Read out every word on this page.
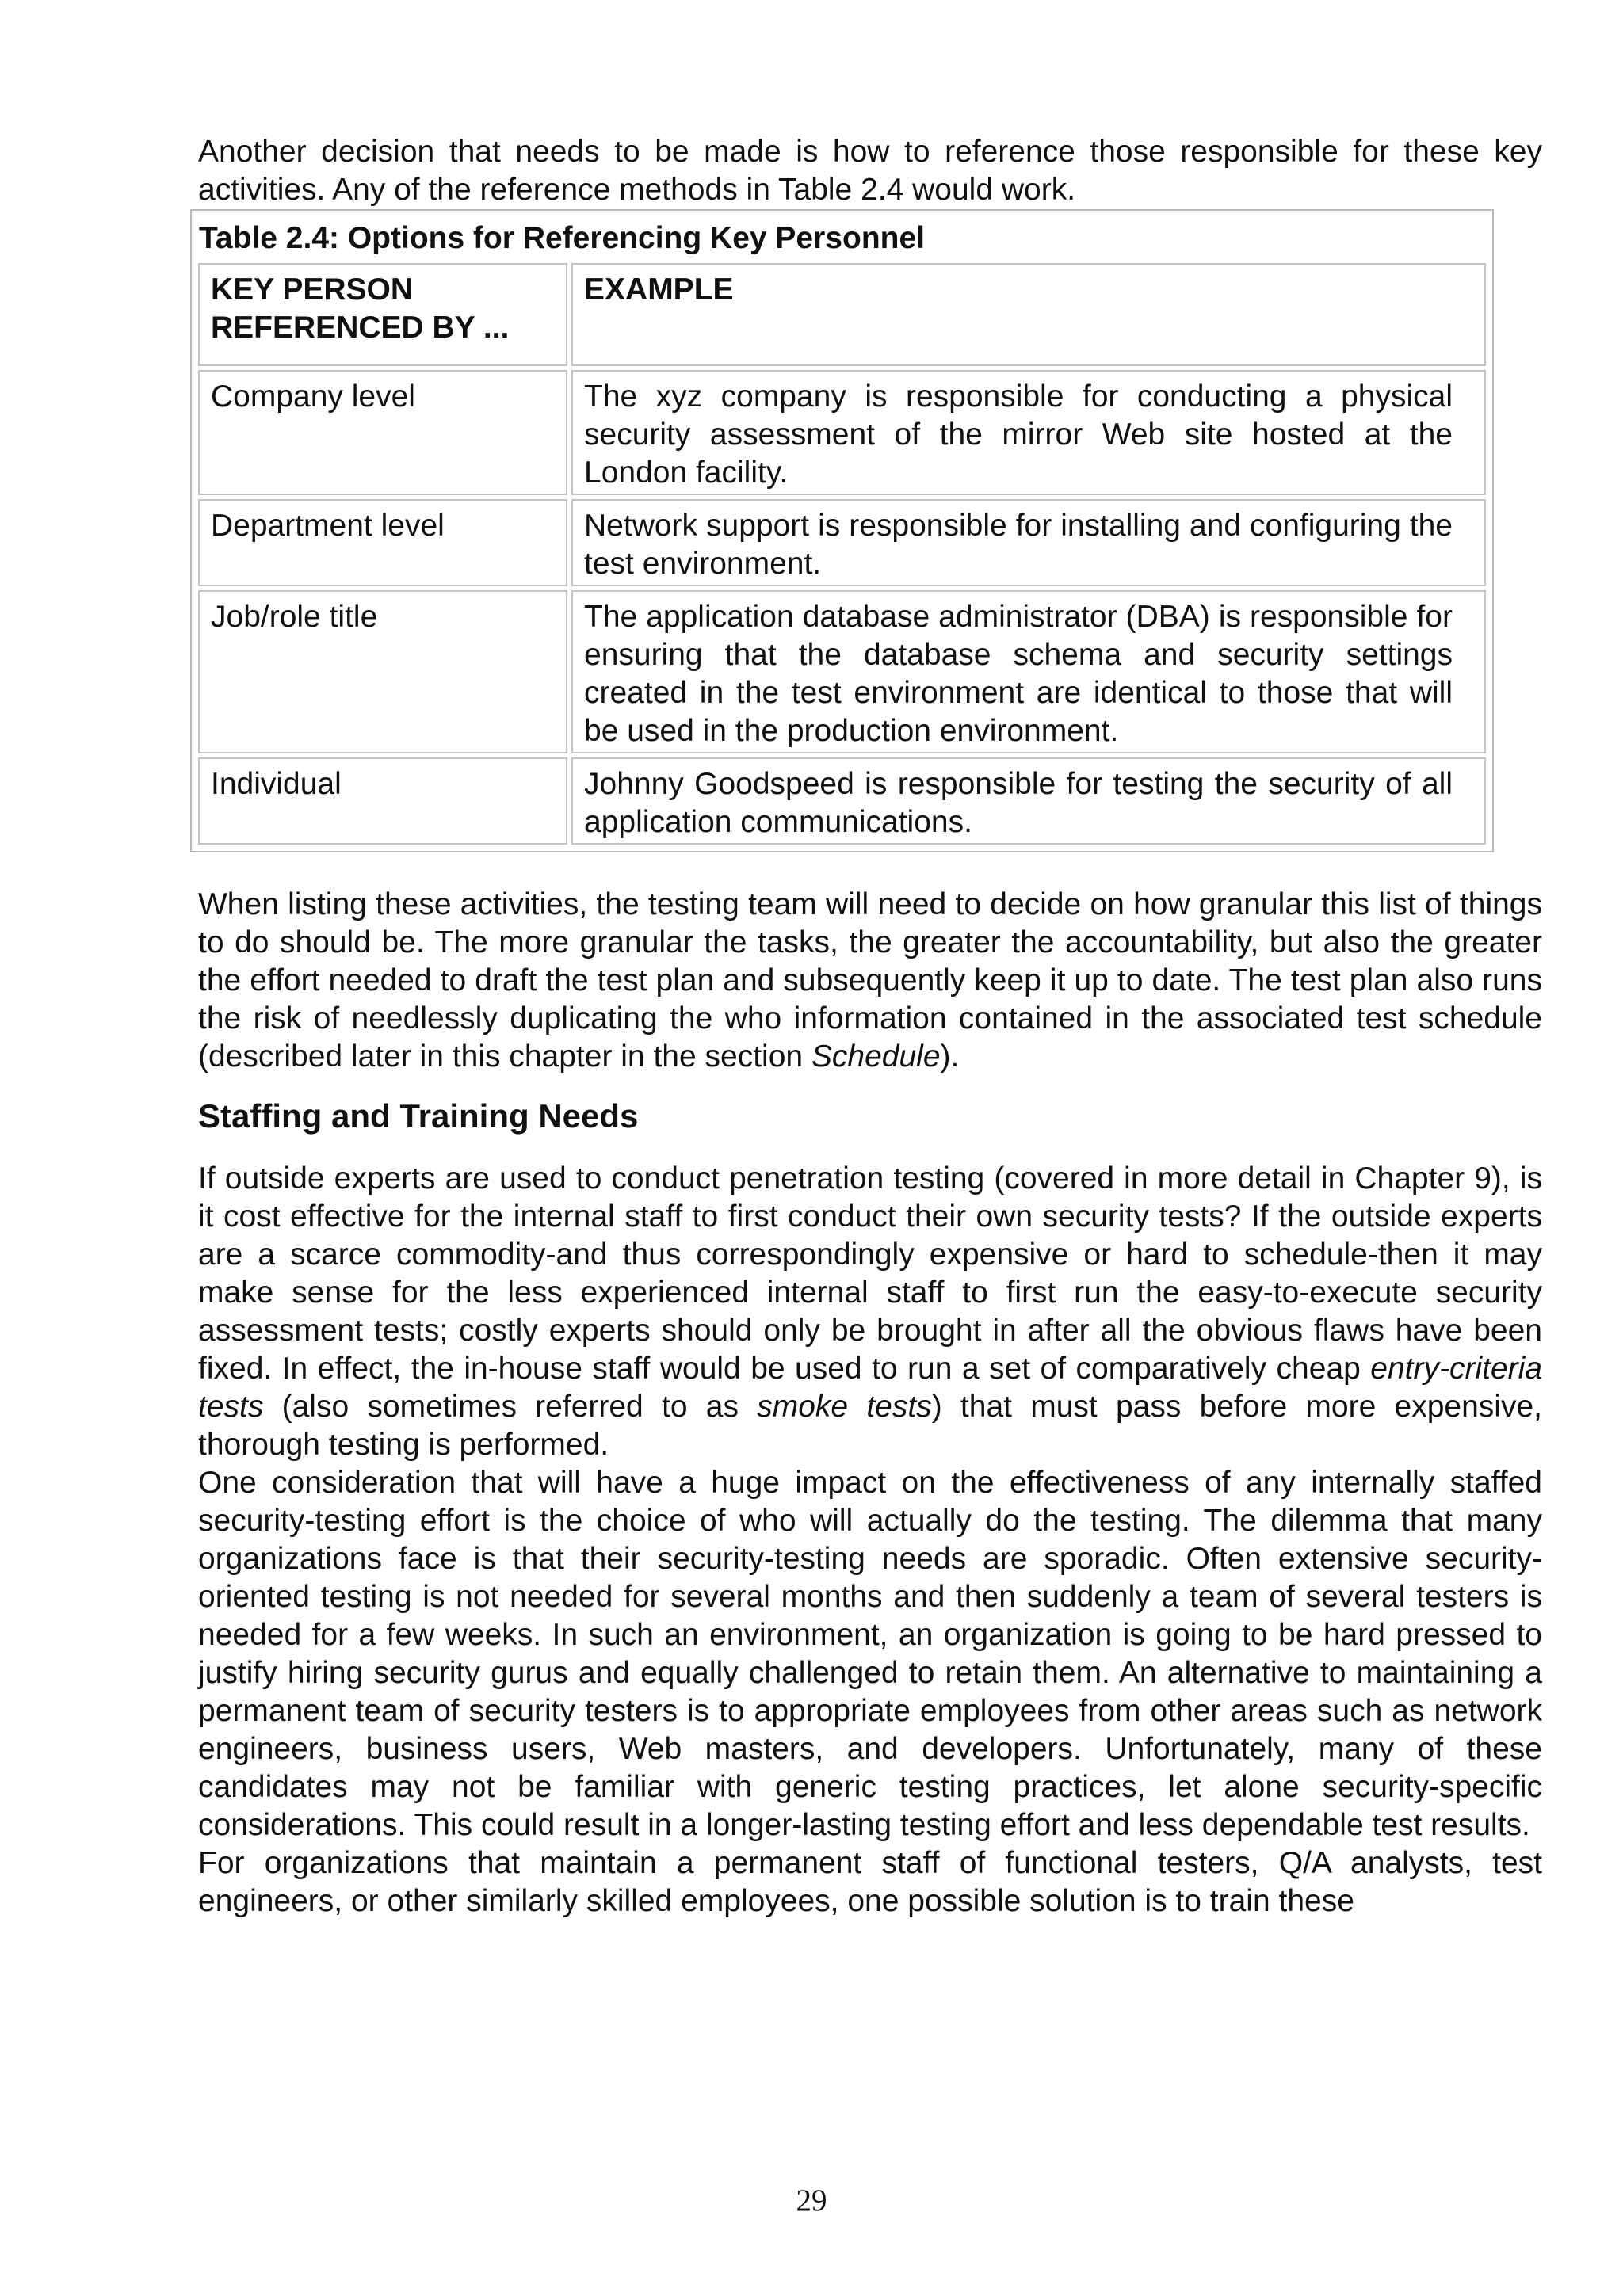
Another decision that needs to be made is how to reference those responsible for these key activities. Any of the reference methods in Table 2.4 would work.

Table 2.4: Options for Referencing Key Personnel
KEY PERSON REFERENCED BY ...	EXAMPLE
Company level	The xyz company is responsible for conducting a physical security assessment of the mirror Web site hosted at the London facility.
Department level	Network support is responsible for installing and configuring the test environment.
Job/role title	The application database administrator (DBA) is responsible for ensuring that the database schema and security settings created in the test environment are identical to those that will be used in the production environment.
Individual	Johnny Goodspeed is responsible for testing the security of all application communications.

When listing these activities, the testing team will need to decide on how granular this list of things to do should be. The more granular the tasks, the greater the accountability, but also the greater the effort needed to draft the test plan and subsequently keep it up to date. The test plan also runs the risk of needlessly duplicating the who information contained in the associated test schedule (described later in this chapter in the section Schedule).

Staffing and Training Needs

If outside experts are used to conduct penetration testing (covered in more detail in Chapter 9), is it cost effective for the internal staff to first conduct their own security tests? If the outside experts are a scarce commodity-and thus correspondingly expensive or hard to schedule-then it may make sense for the less experienced internal staff to first run the easy-to-execute security assessment tests; costly experts should only be brought in after all the obvious flaws have been fixed. In effect, the in-house staff would be used to run a set of comparatively cheap entry-criteria tests (also sometimes referred to as smoke tests) that must pass before more expensive, thorough testing is performed.

One consideration that will have a huge impact on the effectiveness of any internally staffed security-testing effort is the choice of who will actually do the testing. The dilemma that many organizations face is that their security-testing needs are sporadic. Often extensive security-oriented testing is not needed for several months and then suddenly a team of several testers is needed for a few weeks. In such an environment, an organization is going to be hard pressed to justify hiring security gurus and equally challenged to retain them. An alternative to maintaining a permanent team of security testers is to appropriate employees from other areas such as network engineers, business users, Web masters, and developers. Unfortunately, many of these candidates may not be familiar with generic testing practices, let alone security-specific considerations. This could result in a longer-lasting testing effort and less dependable test results.

For organizations that maintain a permanent staff of functional testers, Q/A analysts, test engineers, or other similarly skilled employees, one possible solution is to train these

29
